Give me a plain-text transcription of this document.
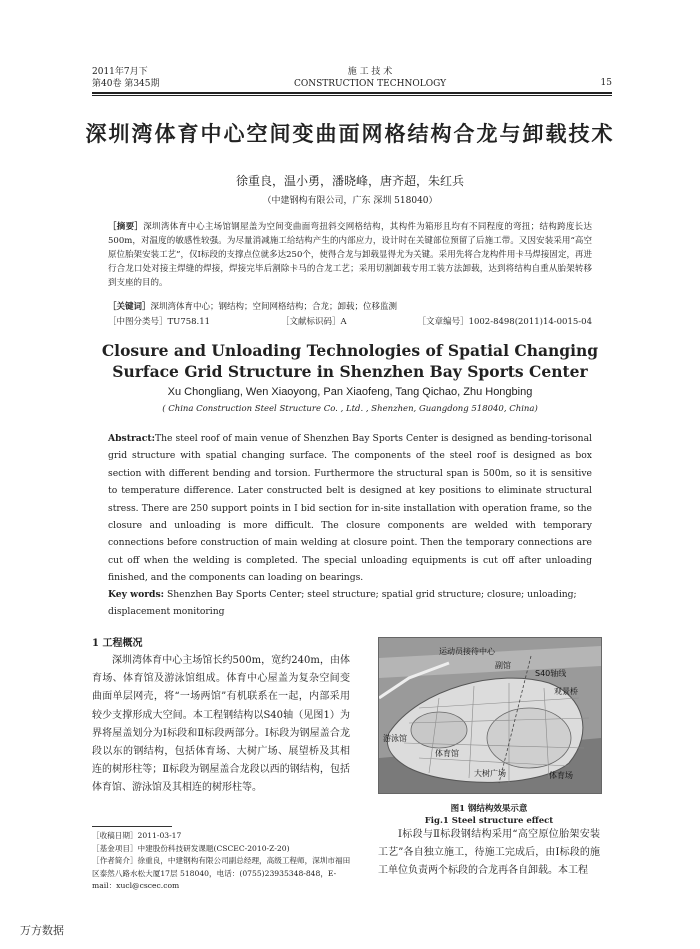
2011年7月下
第40卷 第345期
施 工 技 术
CONSTRUCTION TECHNOLOGY	15
深圳湾体育中心空间变曲面网格结构合龙与卸载技术
徐重良，温小勇，潘晓峰，唐齐超，朱红兵
（中建钢构有限公司，广东 深圳 518040）
［摘要］深圳湾体育中心主场馆钢屋盖为空间变曲面弯扭斜交网格结构，其构件为箱形且均有不同程度的弯扭；结构跨度长达500m，对温度的敏感性较强。为尽量消减施工给结构产生的内部应力，设计时在关键部位预留了后施工带。又因安装采用“高空原位胎架安装工艺”，仅Ⅰ标段的支撑点位就多达250个，使得合龙与卸载显得尤为关键。采用先将合龙构件用卡马焊接固定，再进行合龙口处对接主焊缝的焊接，焊接完毕后割除卡马的合龙工艺；采用切割卸载专用工装方法卸载，达到将结构自重从胎架转移到支座的目的。
［关键词］深圳湾体育中心；钢结构；空间网格结构；合龙；卸载；位移监测
［中图分类号］TU758.11	［文献标识码］A	［文章编号］1002-8498(2011)14-0015-04
Closure and Unloading Technologies of Spatial Changing Surface Grid Structure in Shenzhen Bay Sports Center
Xu Chongliang, Wen Xiaoyong, Pan Xiaofeng, Tang Qichao, Zhu Hongbing
( China Construction Steel Structure Co. , Ltd. , Shenzhen, Guangdong 518040, China)
Abstract:The steel roof of main venue of Shenzhen Bay Sports Center is designed as bending-torisonal grid structure with spatial changing surface. The components of the steel roof is designed as box section with different bending and torsion. Furthermore the structural span is 500m, so it is sensitive to temperature difference. Later constructed belt is designed at key positions to eliminate structural stress. There are 250 support points in I bid section for in-site installation with operation frame, so the closure and unloading is more difficult. The closure components are welded with temporary connections before construction of main welding at closure point. Then the temporary connections are cut off when the welding is completed. The special unloading equipments is cut off after unloading finished, and the components can loading on bearings.
Key words: Shenzhen Bay Sports Center; steel structure; spatial grid structure; closure; unloading; displacement monitoring
1 工程概况

深圳湾体育中心主场馆长约500m，宽约240m，由体育场、体育馆及游泳馆组成。体育中心屋盖为复杂空间变曲面单层网壳，将“一场两馆”有机联系在一起，内部采用较少支撑形成大空间。本工程钢结构以S40轴（见图1）为界将屋盖划分为Ⅰ标段和Ⅱ标段两部分。Ⅰ标段为钢屋盖合龙段以东的钢结构，包括体育场、大树广场、展望桥及其相连的树形柱等；Ⅱ标段为钢屋盖合龙段以西的钢结构，包括体育馆、游泳馆及其相连的树形柱等。

运动员接待中心
副馆
S40轴线
观景桥
游泳馆
体育馆
大树广场	体育场
图1 钢结构效果示意
Fig.1 Steel structure effect
［收稿日期］2011-03-17
［基金项目］中建股份科技研发课题(CSCEC-2010-Z-20)
［作者简介］徐重良，中建钢构有限公司副总经理，高级工程师，深圳市福田区泰然八路水松大厦17层 518040，电话：(0755)23935348-848，E-mail：xucl@cscec.com

Ⅰ标段与Ⅱ标段钢结构采用“高空原位胎架安装工艺”各自独立施工，待施工完成后，由Ⅰ标段的施工单位负责两个标段的合龙再各自卸载。本工程

万方数据
